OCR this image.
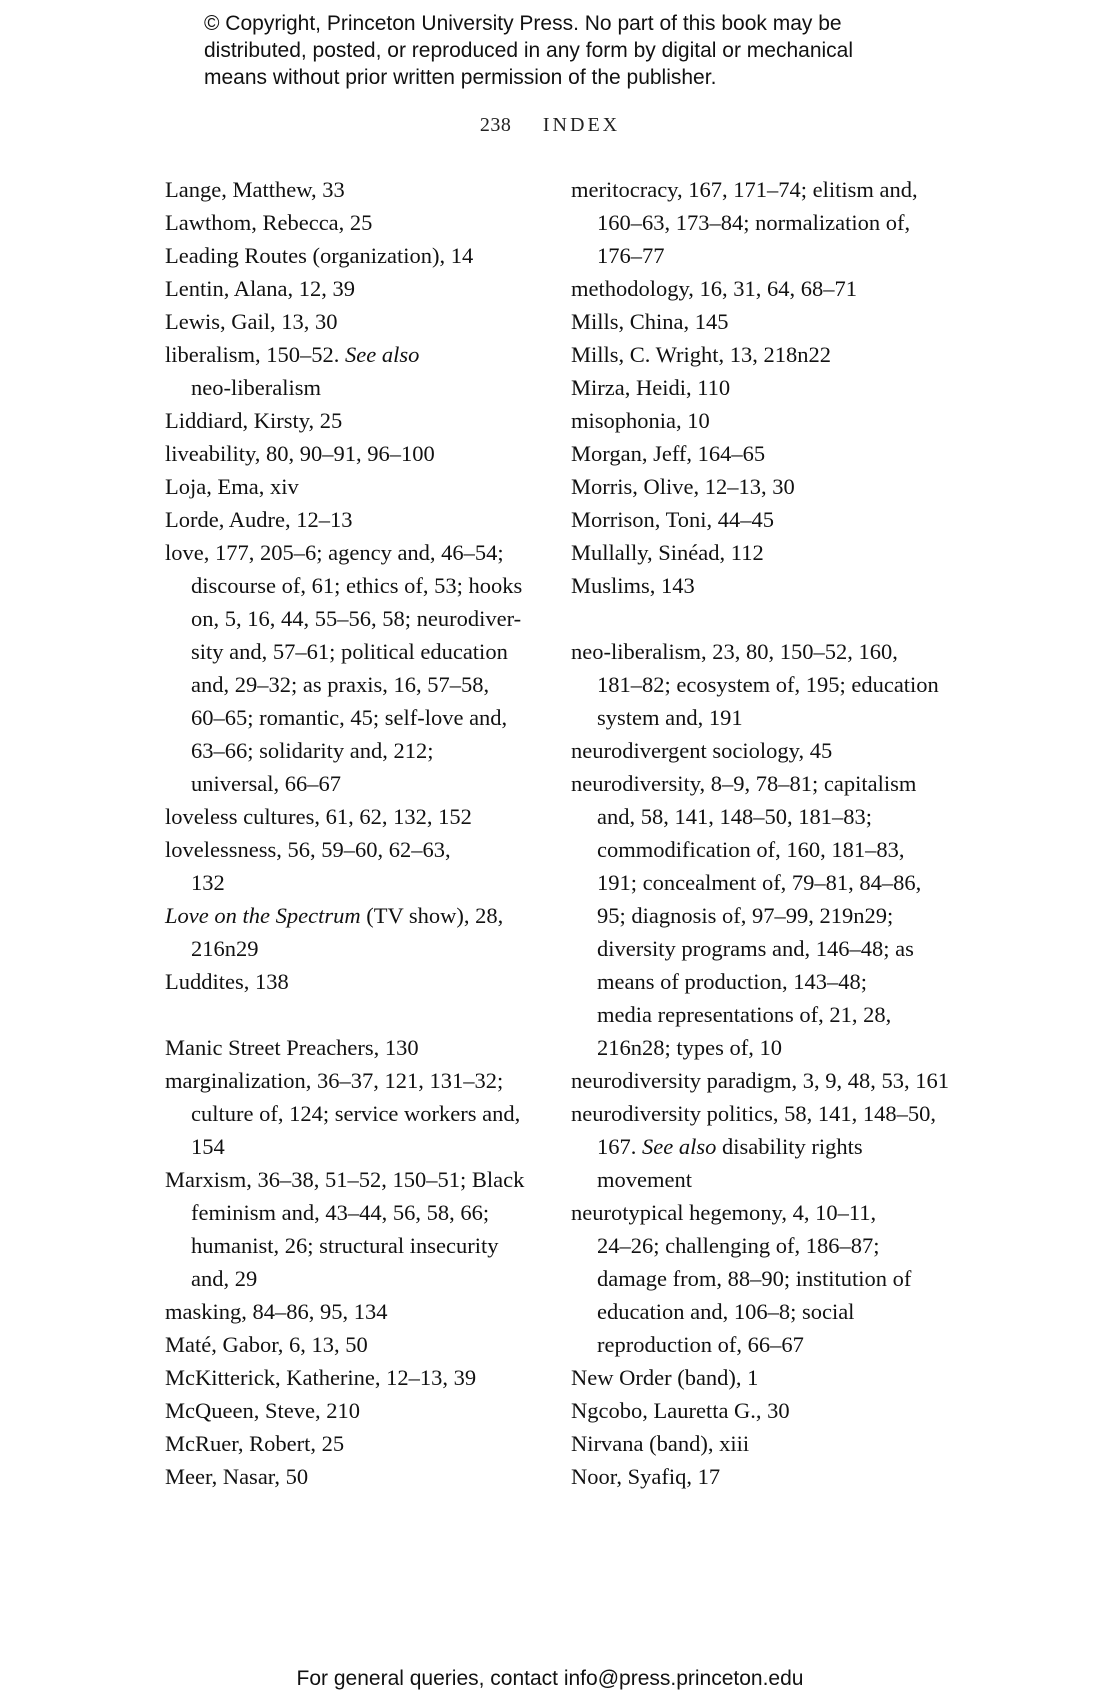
© Copyright, Princeton University Press. No part of this book may be
distributed, posted, or reproduced in any form by digital or mechanical
means without prior written permission of the publisher.
238 INDEX
Lange, Matthew, 33
Lawthom, Rebecca, 25
Leading Routes (organization), 14
Lentin, Alana, 12, 39
Lewis, Gail, 13, 30
liberalism, 150–52. See also
neo-liberalism
Liddiard, Kirsty, 25
liveability, 80, 90–91, 96–100
Loja, Ema, xiv
Lorde, Audre, 12–13
love, 177, 205–6; agency and, 46–54;
discourse of, 61; ethics of, 53; hooks
on, 5, 16, 44, 55–56, 58; neurodiver-
sity and, 57–61; political education
and, 29–32; as praxis, 16, 57–58,
60–65; romantic, 45; self-love and,
63–66; solidarity and, 212;
universal, 66–67
loveless cultures, 61, 62, 132, 152
lovelessness, 56, 59–60, 62–63,
132
Love on the Spectrum (TV show), 28,
216n29
Luddites, 138
Manic Street Preachers, 130
marginalization, 36–37, 121, 131–32;
culture of, 124; service workers and,
154
Marxism, 36–38, 51–52, 150–51; Black
feminism and, 43–44, 56, 58, 66;
humanist, 26; structural insecurity
and, 29
masking, 84–86, 95, 134
Maté, Gabor, 6, 13, 50
McKitterick, Katherine, 12–13, 39
McQueen, Steve, 210
McRuer, Robert, 25
Meer, Nasar, 50
meritocracy, 167, 171–74; elitism and,
160–63, 173–84; normalization of,
176–77
methodology, 16, 31, 64, 68–71
Mills, China, 145
Mills, C. Wright, 13, 218n22
Mirza, Heidi, 110
misophonia, 10
Morgan, Jeff, 164–65
Morris, Olive, 12–13, 30
Morrison, Toni, 44–45
Mullally, Sinéad, 112
Muslims, 143
neo-liberalism, 23, 80, 150–52, 160,
181–82; ecosystem of, 195; education
system and, 191
neurodivergent sociology, 45
neurodiversity, 8–9, 78–81; capitalism
and, 58, 141, 148–50, 181–83;
commodification of, 160, 181–83,
191; concealment of, 79–81, 84–86,
95; diagnosis of, 97–99, 219n29;
diversity programs and, 146–48; as
means of production, 143–48;
media representations of, 21, 28,
216n28; types of, 10
neurodiversity paradigm, 3, 9, 48, 53, 161
neurodiversity politics, 58, 141, 148–50,
167. See also disability rights
movement
neurotypical hegemony, 4, 10–11,
24–26; challenging of, 186–87;
damage from, 88–90; institution of
education and, 106–8; social
reproduction of, 66–67
New Order (band), 1
Ngcobo, Lauretta G., 30
Nirvana (band), xiii
Noor, Syafiq, 17
For general queries, contact info@press.princeton.edu
